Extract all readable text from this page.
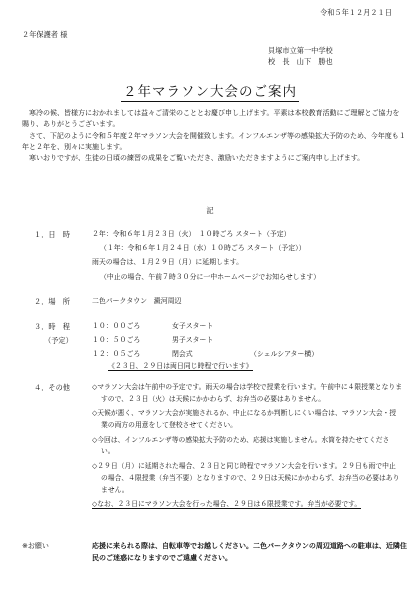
令和５年１２月２１日
２年保護者 様
貝塚市立第一中学校
校　長　山下　勝也
２年マラソン大会のご案内

寒冷の候、皆様方におかれましては益々ご清栄のこととお慶び申し上げます。平素は本校教育活動にご理解とご協力を賜り、ありがとうございます。

さて、下記のように令和５年度２年マラソン大会を開催致します。インフルエンザ等の感染拡大予防のため、今年度も１年と２年を、別々に実施します。

寒いおりですが、生徒の日頃の練習の成果をご覧いただき、激励いただきますようにご案内申し上げます。

記
１．日　時	２年：令和６年１月２３日（火）　１０時ごろ スタート（予定）
（１年：令和６年１月２４日（水）１０時ごろ スタート（予定））
雨天の場合は、１月２９日（月）に延期します。
（中止の場合、午前７時３０分に一中ホームページでお知らせします）
２．場　所	二色パークタウン　澱河周辺
３．時　程
（予定）
１０：００ごろ	女子スタート
１０：５０ごろ	男子スタート
１２：０５ごろ	閉会式	（シェルシアター横）
《２３日、２９日は両日同じ時程で行います》
４．その他	◇マラソン大会は午前中の予定です。雨天の場合は学校で授業を行います。午前中に４限授業となりますので、２３日（火）は天候にかかわらず、お弁当の必要はありません。

◇天候が悪く、マラソン大会が実施されるか、中止になるか判断しにくい場合は、マラソン大会・授業の両方の用意をして登校させてください。

◇今回は、インフルエンザ等の感染拡大予防のため、応援は実施しません。水筒を持たせてください。

◇２９日（月）に延期された場合、２３日と同じ時程でマラソン大会を行います。２９日も雨で中止の場合、４限授業（弁当不要）となりますので、２９日は天候にかかわらず、お弁当の必要はありません。

◇なお、２３日にマラソン大会を行った場合、２９日は６限授業です。弁当が必要です。

※お願い	応援に来られる際は、自転車等でお越しください。二色パークタウンの周辺道路への駐車は、近隣住民のご迷惑になりますのでご遠慮ください。
